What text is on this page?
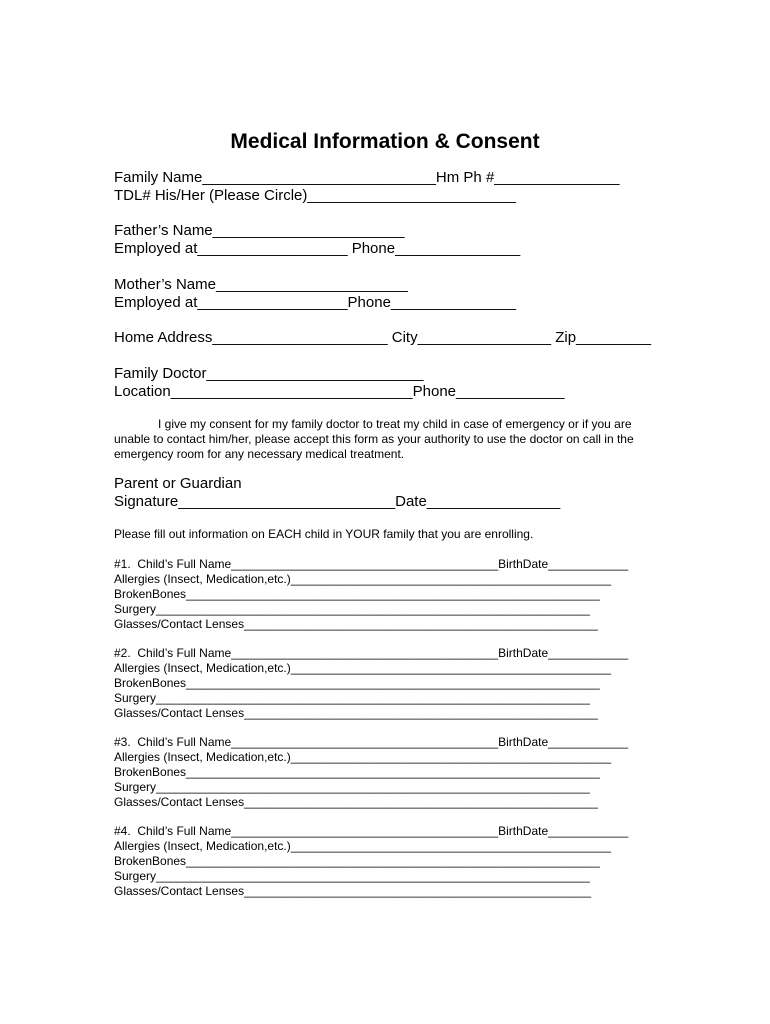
Medical Information & Consent
Family Name____________________________Hm Ph #_______________
TDL# His/Her (Please Circle)_________________________
Father’s Name_______________________
Employed at__________________ Phone_______________
Mother’s Name_______________________
Employed at__________________Phone_______________
Home Address_____________________ City________________ Zip_________
Family Doctor__________________________
Location_____________________________Phone_____________
I give my consent for my family doctor to treat my child in case of emergency or if you are unable to contact him/her, please accept this form as your authority to use the doctor on call in the emergency room for any necessary medical treatment.
Parent or Guardian
Signature__________________________Date________________
Please fill out information on EACH child in YOUR family that you are enrolling.
#1.  Child’s Full Name________________________________________BirthDate____________
Allergies (Insect, Medication,etc.)________________________________________________
BrokenBones______________________________________________________________
Surgery_________________________________________________________________
Glasses/Contact Lenses_____________________________________________________
#2.  Child’s Full Name________________________________________BirthDate____________
Allergies (Insect, Medication,etc.)________________________________________________
BrokenBones______________________________________________________________
Surgery_________________________________________________________________
Glasses/Contact Lenses_____________________________________________________
#3.  Child’s Full Name________________________________________BirthDate____________
Allergies (Insect, Medication,etc.)________________________________________________
BrokenBones______________________________________________________________
Surgery_________________________________________________________________
Glasses/Contact Lenses_____________________________________________________
#4.  Child’s Full Name________________________________________BirthDate____________
Allergies (Insect, Medication,etc.)________________________________________________
BrokenBones______________________________________________________________
Surgery_________________________________________________________________
Glasses/Contact Lenses____________________________________________________
